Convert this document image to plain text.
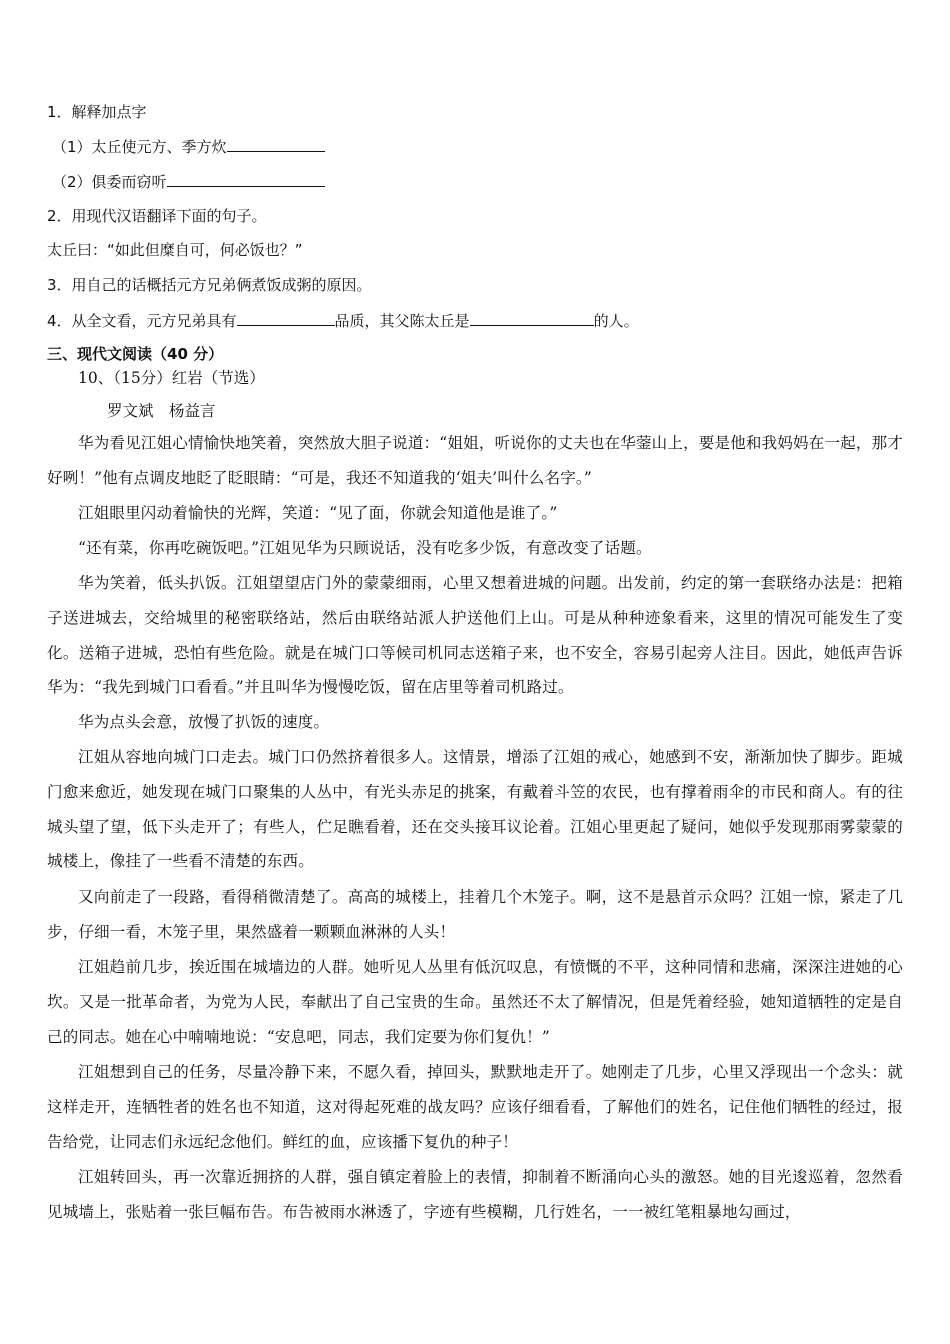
1．解释加点字
（1）太丘使元方、季方炊
（2）俱委而窃听
2．用现代汉语翻译下面的句子。
太丘曰：“如此但糜自可，何必饭也？”
3．用自己的话概括元方兄弟俩煮饭成粥的原因。
4．从全文看，元方兄弟具有	品质，其父陈太丘是	的人。
三、现代文阅读（40 分）
10、（15分）红岩（节选）
罗文斌　杨益言

华为看见江姐心情愉快地笑着，突然放大胆子说道：“姐姐，听说你的丈夫也在华蓥山上，要是他和我妈妈在一起，那才好咧！”他有点调皮地眨了眨眼睛：“可是，我还不知道我的‘姐夫’叫什么名字。”

江姐眼里闪动着愉快的光辉，笑道：“见了面，你就会知道他是谁了。”

“还有菜，你再吃碗饭吧。”江姐见华为只顾说话，没有吃多少饭，有意改变了话题。

华为笑着，低头扒饭。江姐望望店门外的蒙蒙细雨，心里又想着进城的问题。出发前，约定的第一套联络办法是：把箱子送进城去，交给城里的秘密联络站，然后由联络站派人护送他们上山。可是从种种迹象看来，这里的情况可能发生了变化。送箱子进城，恐怕有些危险。就是在城门口等候司机同志送箱子来，也不安全，容易引起旁人注目。因此，她低声告诉华为：“我先到城门口看看。”并且叫华为慢慢吃饭，留在店里等着司机路过。

华为点头会意，放慢了扒饭的速度。

江姐从容地向城门口走去。城门口仍然挤着很多人。这情景，增添了江姐的戒心，她感到不安，渐渐加快了脚步。距城门愈来愈近，她发现在城门口聚集的人丛中，有光头赤足的挑案，有戴着斗笠的农民，也有撑着雨伞的市民和商人。有的往城头望了望，低下头走开了；有些人，伫足瞧看着，还在交头接耳议论着。江姐心里更起了疑问，她似乎发现那雨雾蒙蒙的城楼上，像挂了一些看不清楚的东西。

又向前走了一段路，看得稍微清楚了。高高的城楼上，挂着几个木笼子。啊，这不是悬首示众吗？江姐一惊，紧走了几步，仔细一看，木笼子里，果然盛着一颗颗血淋淋的人头！

江姐趋前几步，挨近围在城墙边的人群。她听见人丛里有低沉叹息，有愤慨的不平，这种同情和悲痛，深深注进她的心坎。又是一批革命者，为党为人民，奉献出了自己宝贵的生命。虽然还不太了解情况，但是凭着经验，她知道牺牲的定是自己的同志。她在心中喃喃地说：“安息吧，同志，我们定要为你们复仇！”

江姐想到自己的任务，尽量冷静下来，不愿久看，掉回头，默默地走开了。她刚走了几步，心里又浮现出一个念头：就这样走开，连牺牲者的姓名也不知道，这对得起死难的战友吗？应该仔细看看，了解他们的姓名，记住他们牺牲的经过，报告给党，让同志们永远纪念他们。鲜红的血，应该播下复仇的种子！

江姐转回头，再一次靠近拥挤的人群，强自镇定着脸上的表情，抑制着不断涌向心头的激怒。她的目光逡巡着，忽然看见城墙上，张贴着一张巨幅布告。布告被雨水淋透了，字迹有些模糊，几行姓名，一一被红笔粗暴地勾画过，
